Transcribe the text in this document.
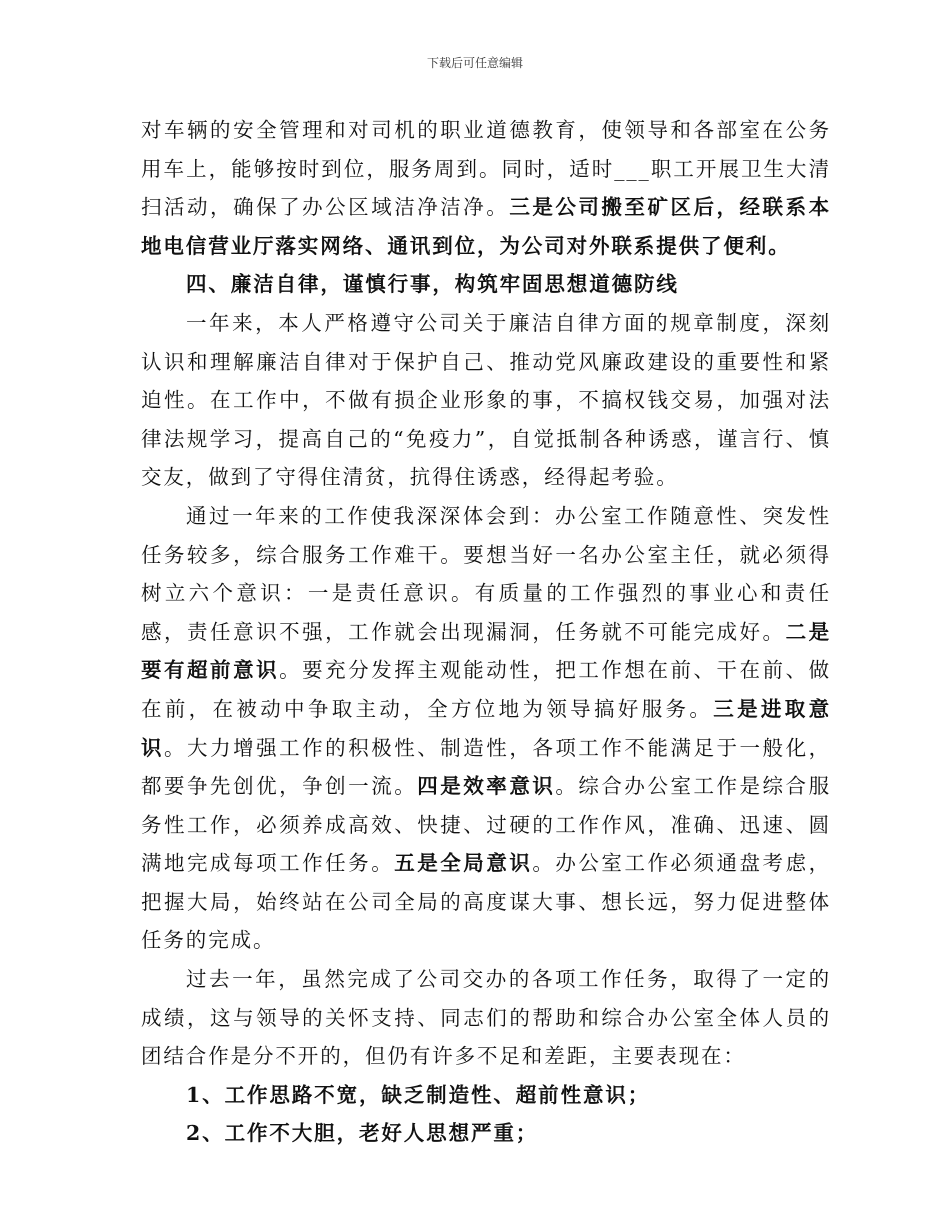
下载后可任意编辑

对车辆的安全管理和对司机的职业道德教育，使领导和各部室在公务用车上，能够按时到位，服务周到。同时，适时___职工开展卫生大清扫活动，确保了办公区域洁净洁净。三是公司搬至矿区后，经联系本地电信营业厅落实网络、通讯到位，为公司对外联系提供了便利。

四、廉洁自律，谨慎行事，构筑牢固思想道德防线

一年来，本人严格遵守公司关于廉洁自律方面的规章制度，深刻认识和理解廉洁自律对于保护自己、推动党风廉政建设的重要性和紧迫性。在工作中，不做有损企业形象的事，不搞权钱交易，加强对法律法规学习，提高自己的“免疫力”，自觉抵制各种诱惑，谨言行、慎交友，做到了守得住清贫，抗得住诱惑，经得起考验。

通过一年来的工作使我深深体会到：办公室工作随意性、突发性任务较多，综合服务工作难干。要想当好一名办公室主任，就必须得树立六个意识：一是责任意识。有质量的工作强烈的事业心和责任感，责任意识不强，工作就会出现漏洞，任务就不可能完成好。二是要有超前意识。要充分发挥主观能动性，把工作想在前、干在前、做在前，在被动中争取主动，全方位地为领导搞好服务。三是进取意识。大力增强工作的积极性、制造性，各项工作不能满足于一般化，都要争先创优，争创一流。四是效率意识。综合办公室工作是综合服务性工作，必须养成高效、快捷、过硬的工作作风，准确、迅速、圆满地完成每项工作任务。五是全局意识。办公室工作必须通盘考虑，把握大局，始终站在公司全局的高度谋大事、想长远，努力促进整体任务的完成。

过去一年，虽然完成了公司交办的各项工作任务，取得了一定的成绩，这与领导的关怀支持、同志们的帮助和综合办公室全体人员的团结合作是分不开的，但仍有许多不足和差距，主要表现在：

1、工作思路不宽，缺乏制造性、超前性意识；

2、工作不大胆，老好人思想严重；
